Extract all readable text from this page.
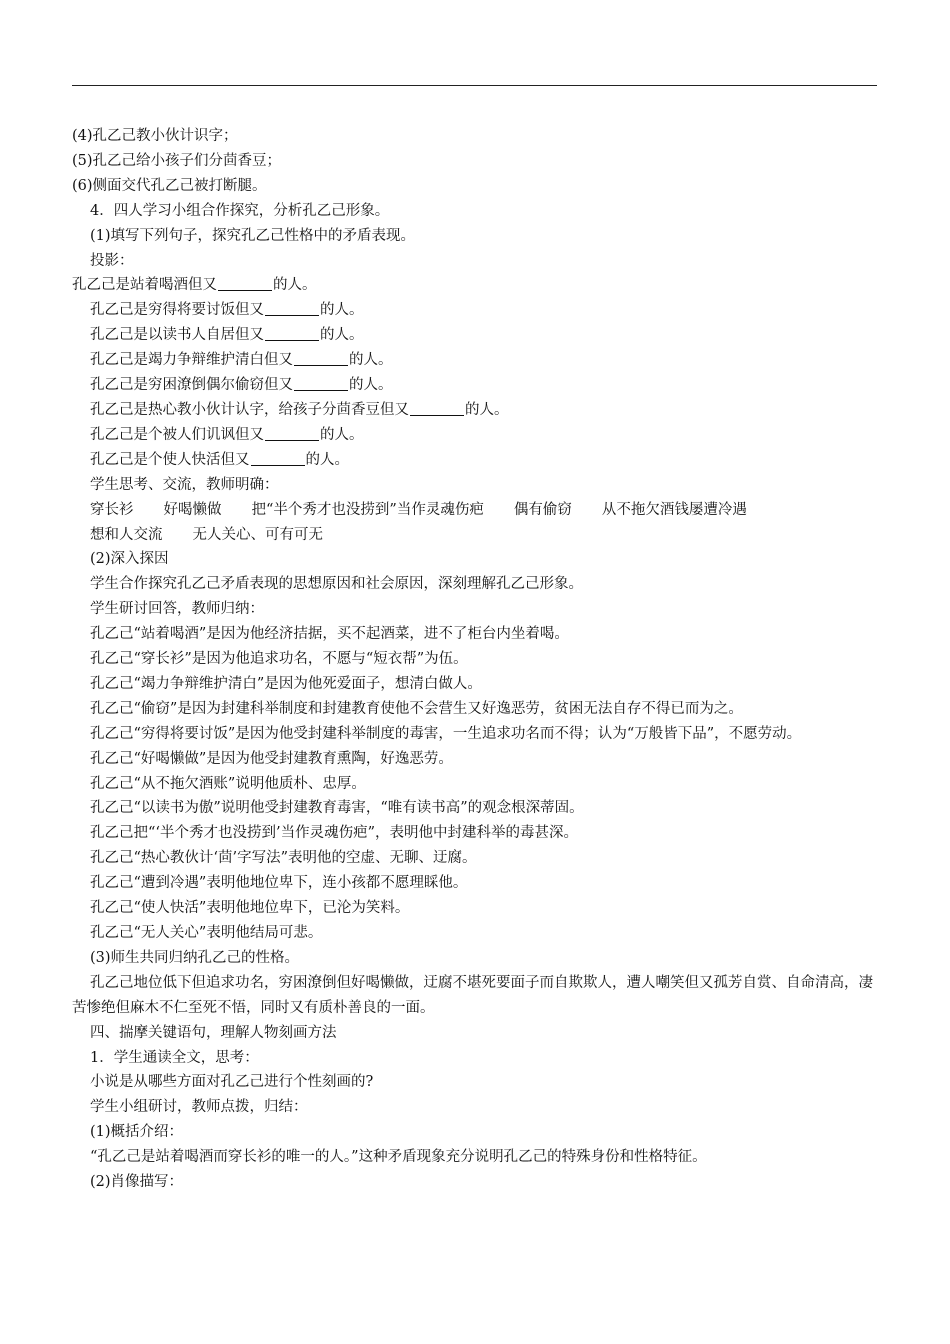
(4)孔乙己教小伙计识字；

(5)孔乙己给小孩子们分茴香豆；

(6)侧面交代孔乙己被打断腿。

4．四人学习小组合作探究，分析孔乙己形象。

(1)填写下列句子，探究孔乙己性格中的矛盾表现。

投影：

孔乙己是站着喝酒但又	的人。

孔乙己是穷得将要讨饭但又	的人。

孔乙己是以读书人自居但又	的人。

孔乙己是竭力争辩维护清白但又	的人。

孔乙己是穷困潦倒偶尔偷窃但又	的人。

孔乙己是热心教小伙计认字，给孩子分茴香豆但又	的人。

孔乙己是个被人们讥讽但又	的人。

孔乙己是个使人快活但又	的人。

学生思考、交流，教师明确：

穿长衫 好喝懒做 把“半个秀才也没捞到”当作灵魂伤疤 偶有偷窃 从不拖欠酒钱屡遭冷遇

想和人交流 无人关心、可有可无

(2)深入探因

学生合作探究孔乙己矛盾表现的思想原因和社会原因，深刻理解孔乙己形象。

学生研讨回答，教师归纳：

孔乙己“站着喝酒”是因为他经济拮据，买不起酒菜，进不了柜台内坐着喝。

孔乙己“穿长衫”是因为他追求功名，不愿与“短衣帮”为伍。

孔乙己“竭力争辩维护清白”是因为他死爱面子，想清白做人。

孔乙己“偷窃”是因为封建科举制度和封建教育使他不会营生又好逸恶劳，贫困无法自存不得已而为之。

孔乙己“穷得将要讨饭”是因为他受封建科举制度的毒害，一生追求功名而不得；认为“万般皆下品”，不愿劳动。

孔乙己“好喝懒做”是因为他受封建教育熏陶，好逸恶劳。

孔乙己“从不拖欠酒账”说明他质朴、忠厚。

孔乙己“以读书为傲”说明他受封建教育毒害，“唯有读书高”的观念根深蒂固。

孔乙己把“‘半个秀才也没捞到’当作灵魂伤疤”，表明他中封建科举的毒甚深。

孔乙己“热心教伙计‘茴’字写法”表明他的空虚、无聊、迂腐。

孔乙己“遭到冷遇”表明他地位卑下，连小孩都不愿理睬他。

孔乙己“使人快活”表明他地位卑下，已沦为笑料。

孔乙己“无人关心”表明他结局可悲。

(3)师生共同归纳孔乙己的性格。

孔乙己地位低下但追求功名，穷困潦倒但好喝懒做，迂腐不堪死要面子而自欺欺人，遭人嘲笑但又孤芳自赏、自命清高，凄苦惨绝但麻木不仁至死不悟，同时又有质朴善良的一面。

四、揣摩关键语句，理解人物刻画方法

1．学生通读全文，思考：

小说是从哪些方面对孔乙己进行个性刻画的?

学生小组研讨，教师点拨，归结：

(1)概括介绍：

“孔乙己是站着喝酒而穿长衫的唯一的人。”这种矛盾现象充分说明孔乙己的特殊身份和性格特征。

(2)肖像描写：
